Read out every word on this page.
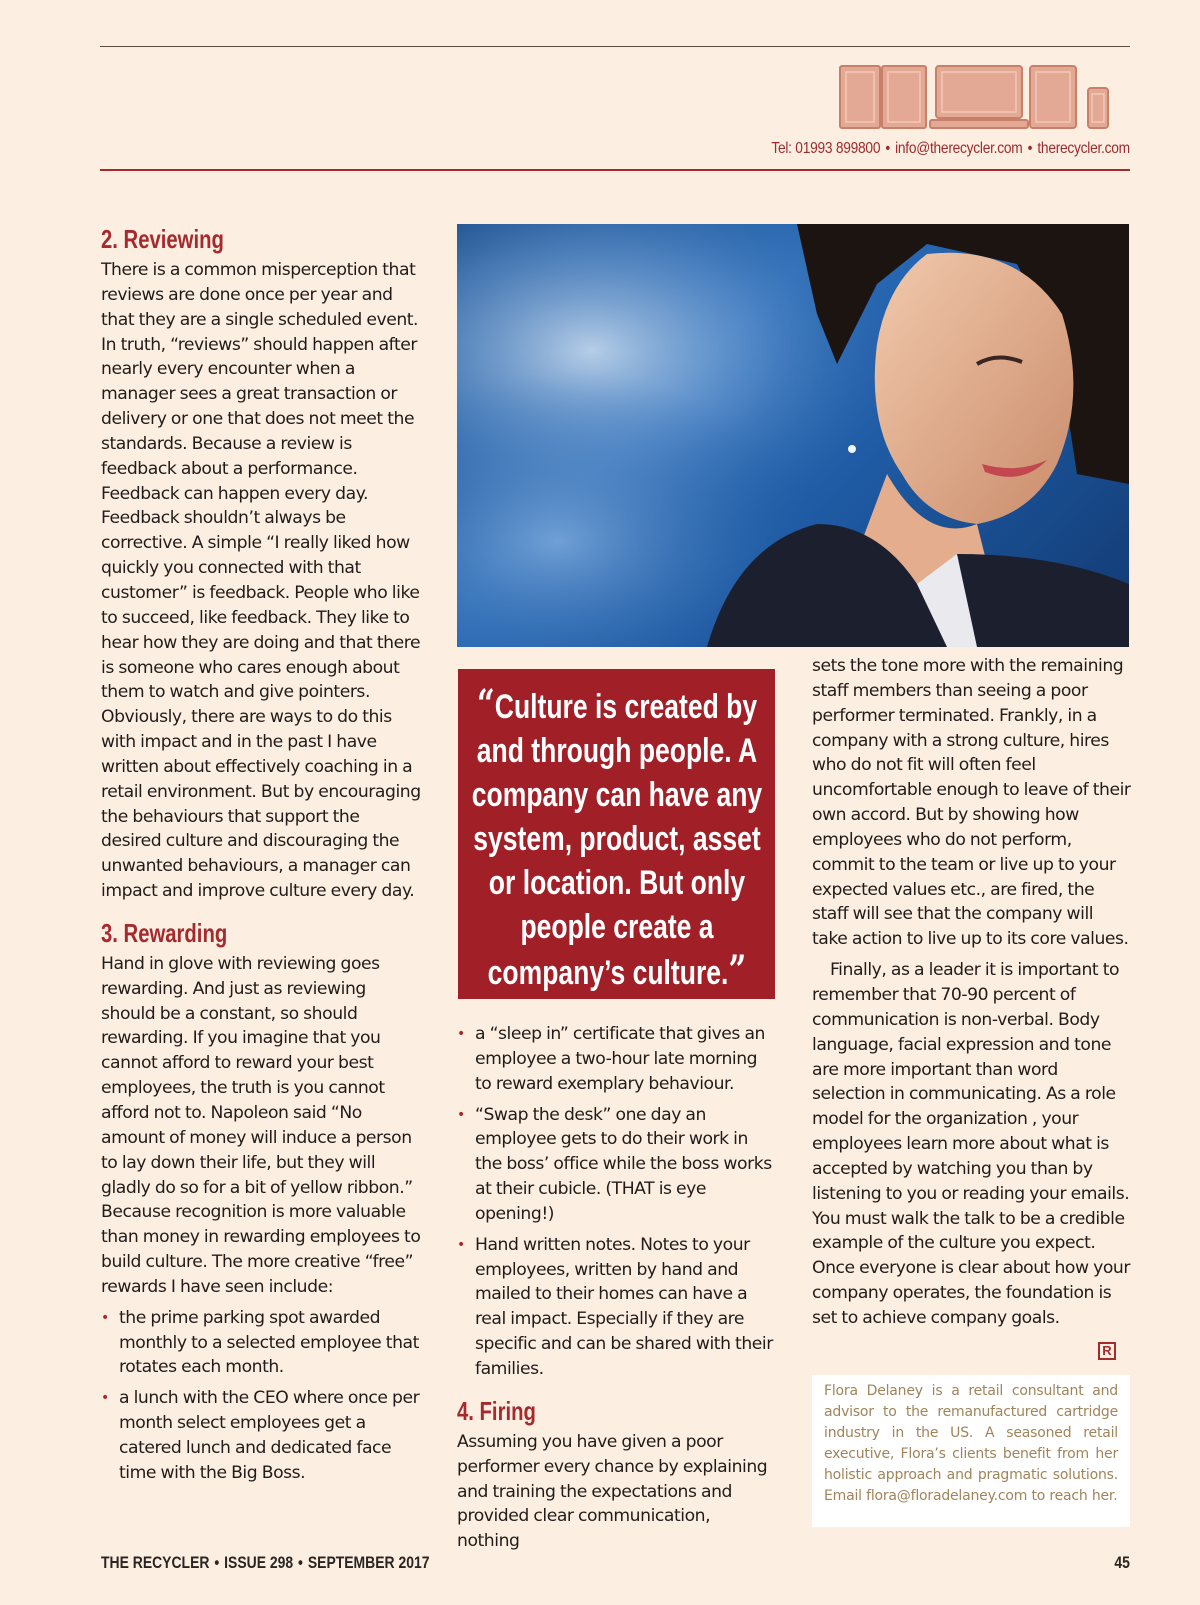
Tel: 01993 899800 • info@therecycler.com • therecycler.com
2. Reviewing

There is a common misperception that reviews are done once per year and that they are a single scheduled event. In truth, “reviews” should happen after nearly every encounter when a manager sees a great transaction or delivery or one that does not meet the standards. Because a review is feedback about a performance. Feedback can happen every day. Feedback shouldn’t always be corrective. A simple “I really liked how quickly you connected with that customer” is feedback. People who like to succeed, like feedback. They like to hear how they are doing and that there is someone who cares enough about them to watch and give pointers. Obviously, there are ways to do this with impact and in the past I have written about effectively coaching in a retail environment. But by encouraging the behaviours that support the desired culture and discouraging the unwanted behaviours, a manager can impact and improve culture every day.

3. Rewarding

Hand in glove with reviewing goes rewarding. And just as reviewing should be a constant, so should rewarding. If you imagine that you cannot afford to reward your best employees, the truth is you cannot afford not to. Napoleon said “No amount of money will induce a person to lay down their life, but they will gladly do so for a bit of yellow ribbon.” Because recognition is more valuable than money in rewarding employees to build culture. The more creative “free” rewards I have seen include:

• the prime parking spot awarded monthly to a selected employee that rotates each month.
• a lunch with the CEO where once per month select employees get a catered lunch and dedicated face time with the Big Boss.
“Culture is created by and through people. A company can have any system, product, asset or location. But only people create a company’s culture.”
• a “sleep in” certificate that gives an employee a two-hour late morning to reward exemplary behaviour.
• “Swap the desk” one day an employee gets to do their work in the boss’ office while the boss works at their cubicle. (THAT is eye opening!)
• Hand written notes. Notes to your employees, written by hand and mailed to their homes can have a real impact. Especially if they are specific and can be shared with their families.
4. Firing

Assuming you have given a poor performer every chance by explaining and training the expectations and provided clear communication, nothing

sets the tone more with the remaining staff members than seeing a poor performer terminated. Frankly, in a company with a strong culture, hires who do not fit will often feel uncomfortable enough to leave of their own accord. But by showing how employees who do not perform, commit to the team or live up to your expected values etc., are fired, the staff will see that the company will take action to live up to its core values.

Finally, as a leader it is important to remember that 70-90 percent of communication is non-verbal. Body language, facial expression and tone are more important than word selection in communicating. As a role model for the organization , your employees learn more about what is accepted by watching you than by listening to you or reading your emails. You must walk the talk to be a credible example of the culture you expect. Once everyone is clear about how your company operates, the foundation is set to achieve company goals.

R

Flora Delaney is a retail consultant and advisor to the remanufactured cartridge industry in the US. A seasoned retail executive, Flora’s clients benefit from her holistic approach and pragmatic solutions. Email flora@floradelaney.com to reach her.

THE RECYCLER • ISSUE 298 • SEPTEMBER 2017	45
